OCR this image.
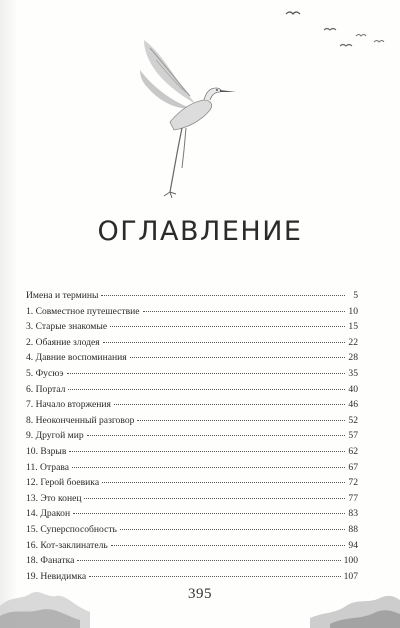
ОГЛАВЛЕНИЕ
Имена и термины	5
1. Совместное путешествие	10
3. Старые знакомые	15
2. Обаяние злодея	22
4. Давние воспоминания	28
5. Фусюэ	35
6. Портал	40
7. Начало вторжения	46
8. Неоконченный разговор	52
9. Другой мир	57
10. Взрыв	62
11. Отрава	67
12. Герой боевика	72
13. Это конец	77
14. Дракон	83
15. Суперспособность	88
16. Кот-заклинатель	94
18. Фанатка	100
19. Невидимка	107
395
